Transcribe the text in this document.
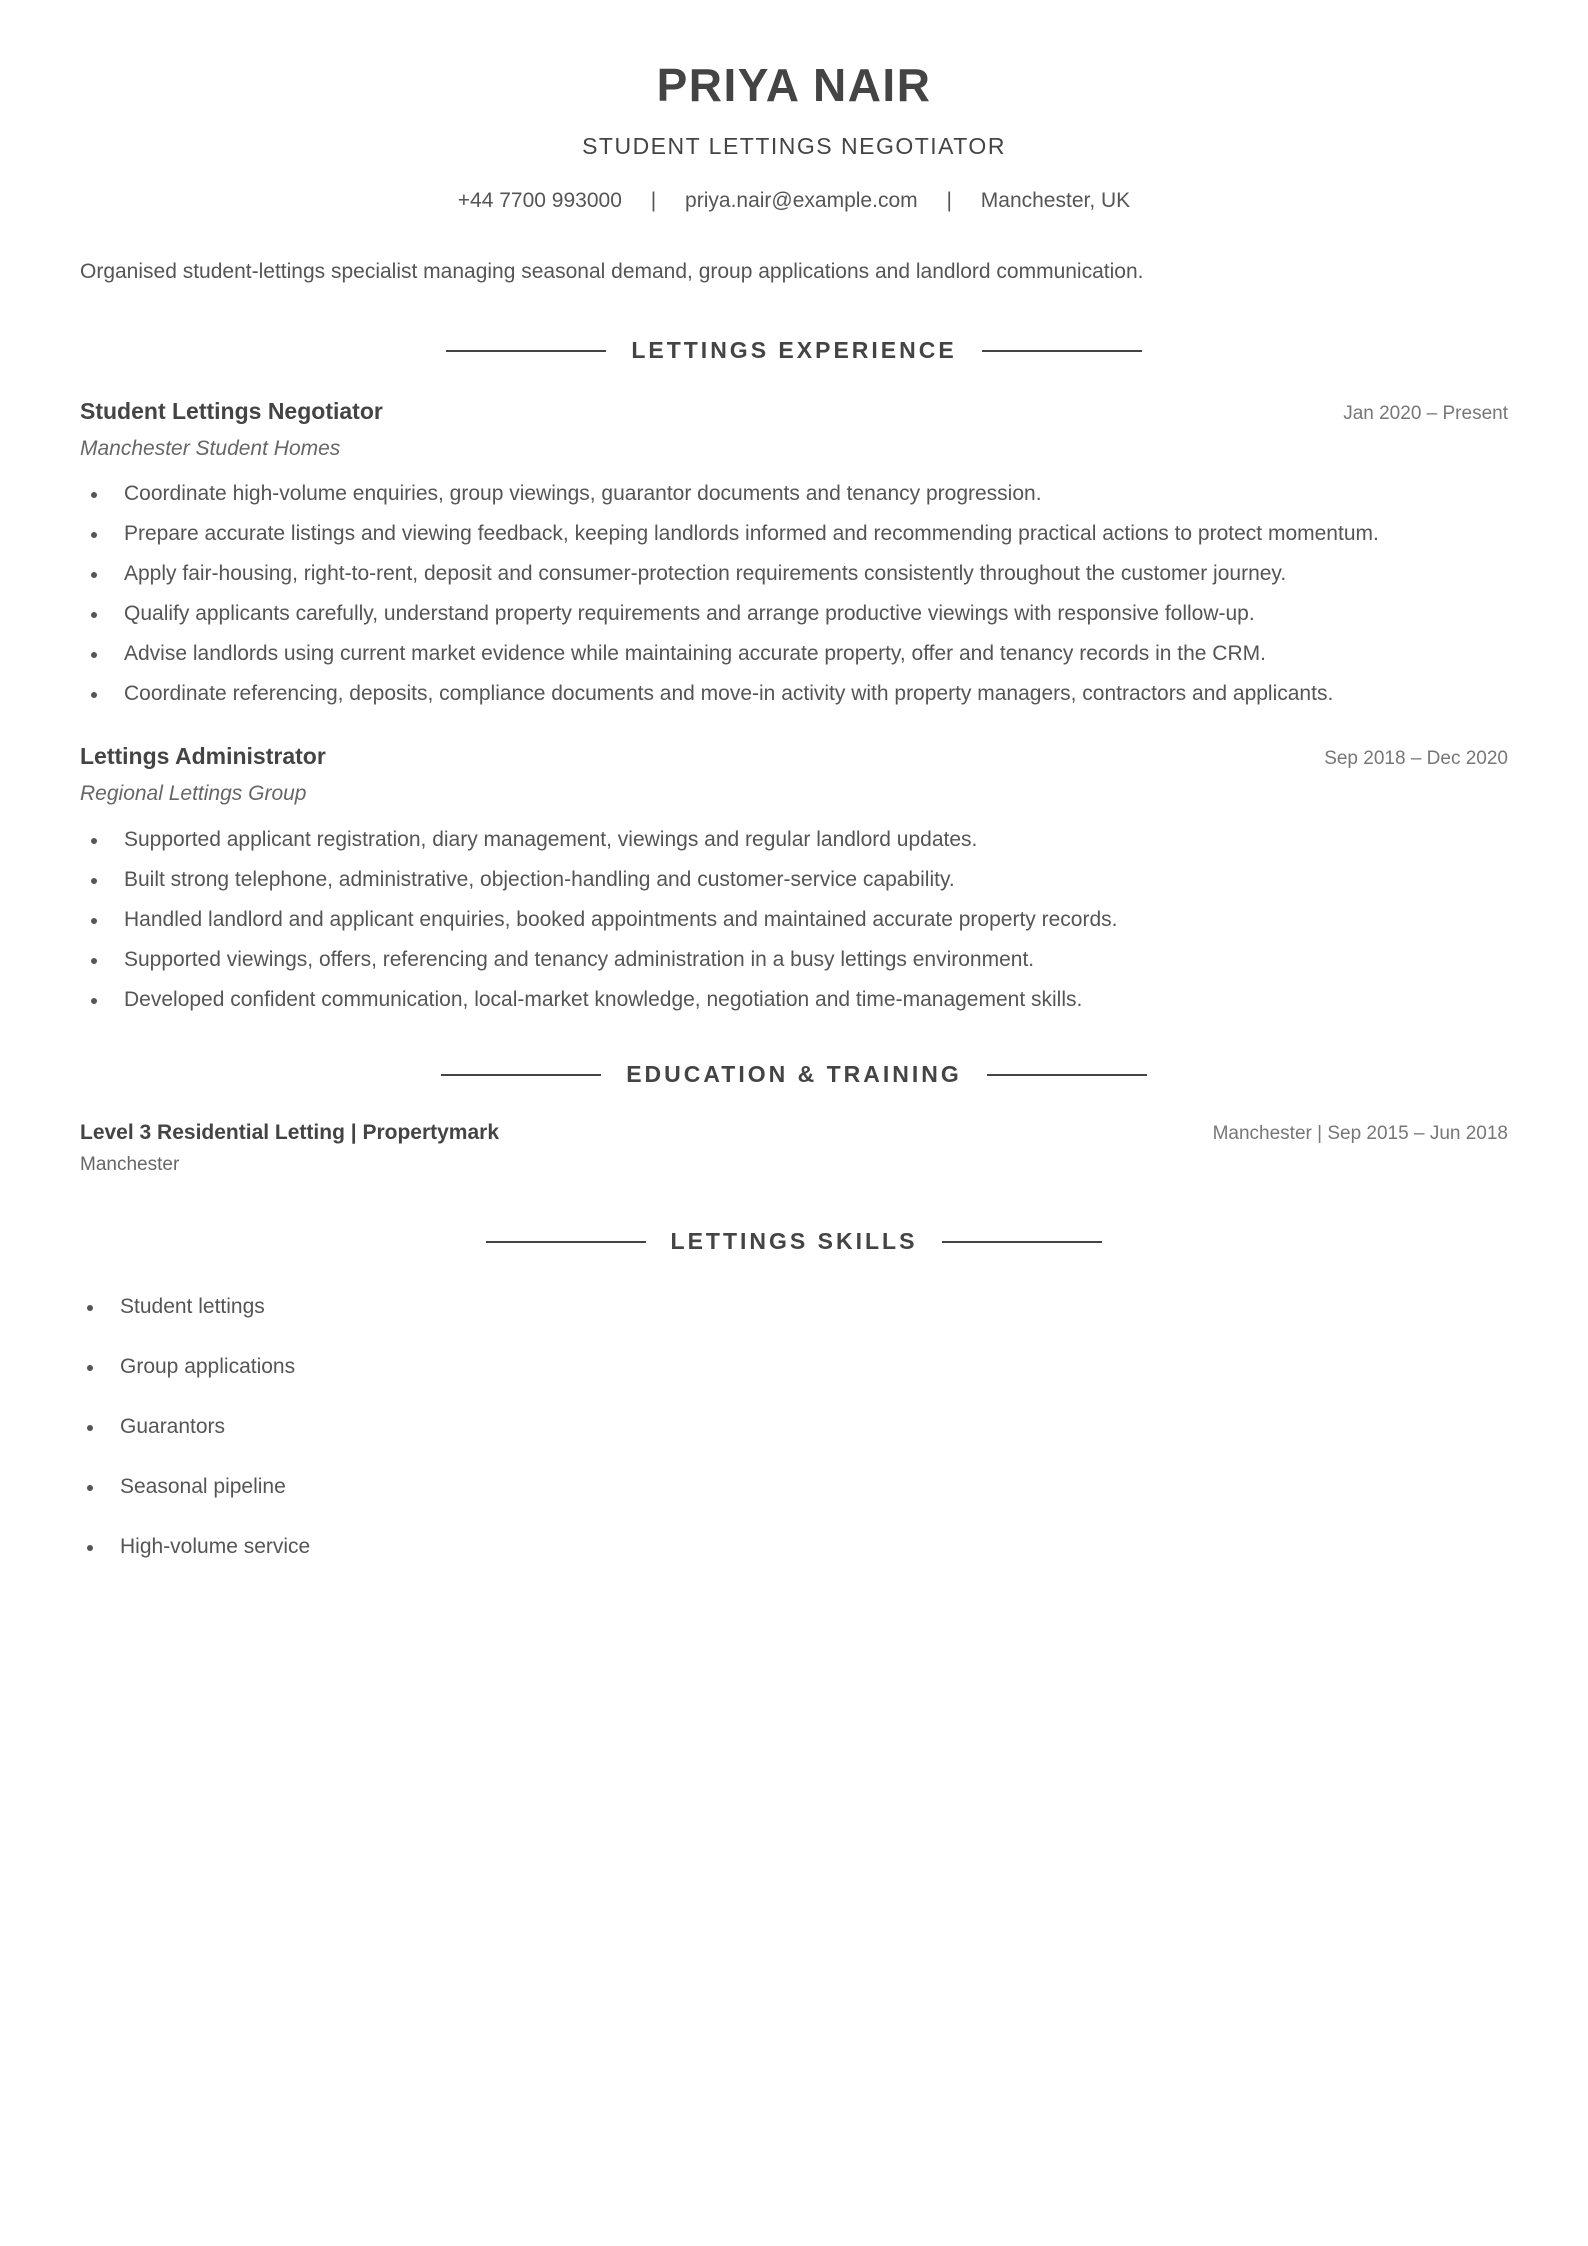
PRIYA NAIR
STUDENT LETTINGS NEGOTIATOR
+44 7700 993000 | priya.nair@example.com | Manchester, UK
Organised student-lettings specialist managing seasonal demand, group applications and landlord communication.
LETTINGS EXPERIENCE
Student Lettings Negotiator	Jan 2020 – Present
Manchester Student Homes
Coordinate high-volume enquiries, group viewings, guarantor documents and tenancy progression.
Prepare accurate listings and viewing feedback, keeping landlords informed and recommending practical actions to protect momentum.
Apply fair-housing, right-to-rent, deposit and consumer-protection requirements consistently throughout the customer journey.
Qualify applicants carefully, understand property requirements and arrange productive viewings with responsive follow-up.
Advise landlords using current market evidence while maintaining accurate property, offer and tenancy records in the CRM.
Coordinate referencing, deposits, compliance documents and move-in activity with property managers, contractors and applicants.
Lettings Administrator	Sep 2018 – Dec 2020
Regional Lettings Group
Supported applicant registration, diary management, viewings and regular landlord updates.
Built strong telephone, administrative, objection-handling and customer-service capability.
Handled landlord and applicant enquiries, booked appointments and maintained accurate property records.
Supported viewings, offers, referencing and tenancy administration in a busy lettings environment.
Developed confident communication, local-market knowledge, negotiation and time-management skills.
EDUCATION & TRAINING
Level 3 Residential Letting | Propertymark	Manchester | Sep 2015 – Jun 2018
Manchester
LETTINGS SKILLS
Student lettings
Group applications
Guarantors
Seasonal pipeline
High-volume service
